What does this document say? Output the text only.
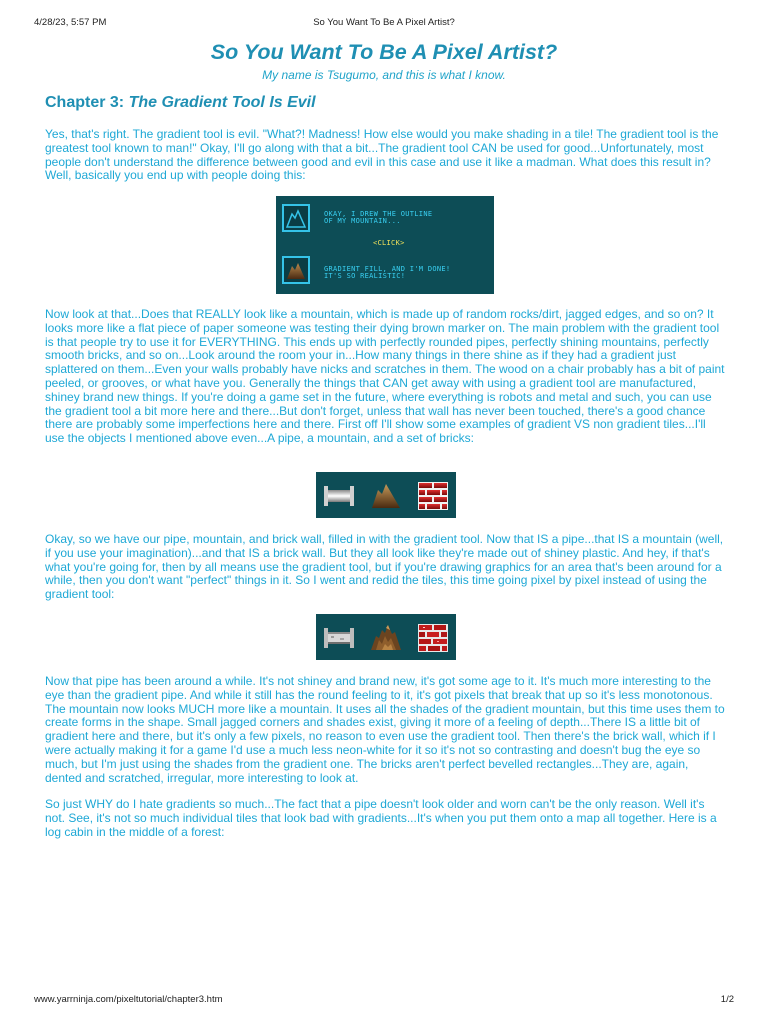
4/28/23, 5:57 PM	So You Want To Be A Pixel Artist?
So You Want To Be A Pixel Artist?

My name is Tsugumo, and this is what I know.

Chapter 3: The Gradient Tool Is Evil

Yes, that's right. The gradient tool is evil. "What?! Madness! How else would you make shading in a tile! The gradient tool is the greatest tool known to man!" Okay, I'll go along with that a bit...The gradient tool CAN be used for good...Unfortunately, most people don't understand the difference between good and evil in this case and use it like a madman. What does this result in? Well, basically you end up with people doing this:

OKAY, I DREW THE OUTLINE
OF MY MOUNTAIN...
<CLICK>
GRADIENT FILL, AND I'M DONE!
IT'S SO REALISTIC!

Now look at that...Does that REALLY look like a mountain, which is made up of random rocks/dirt, jagged edges, and so on? It looks more like a flat piece of paper someone was testing their dying brown marker on. The main problem with the gradient tool is that people try to use it for EVERYTHING. This ends up with perfectly rounded pipes, perfectly shining mountains, perfectly smooth bricks, and so on...Look around the room your in...How many things in there shine as if they had a gradient just splattered on them...Even your walls probably have nicks and scratches in them. The wood on a chair probably has a bit of paint peeled, or grooves, or what have you. Generally the things that CAN get away with using a gradient tool are manufactured, shiney brand new things. If you're doing a game set in the future, where everything is robots and metal and such, you can use the gradient tool a bit more here and there...But don't forget, unless that wall has never been touched, there's a good chance there are probably some imperfections here and there. First off I'll show some examples of gradient VS non gradient tiles...I'll use the objects I mentioned above even...A pipe, a mountain, and a set of bricks:

Okay, so we have our pipe, mountain, and brick wall, filled in with the gradient tool. Now that IS a pipe...that IS a mountain (well, if you use your imagination)...and that IS a brick wall. But they all look like they're made out of shiney plastic. And hey, if that's what you're going for, then by all means use the gradient tool, but if you're drawing graphics for an area that's been around for a while, then you don't want "perfect" things in it. So I went and redid the tiles, this time going pixel by pixel instead of using the gradient tool:

Now that pipe has been around a while. It's not shiney and brand new, it's got some age to it. It's much more interesting to the eye than the gradient pipe. And while it still has the round feeling to it, it's got pixels that break that up so it's less monotonous. The mountain now looks MUCH more like a mountain. It uses all the shades of the gradient mountain, but this time uses them to create forms in the shape. Small jagged corners and shades exist, giving it more of a feeling of depth...There IS a little bit of gradient here and there, but it's only a few pixels, no reason to even use the gradient tool. Then there's the brick wall, which if I were actually making it for a game I'd use a much less neon-white for it so it's not so contrasting and doesn't bug the eye so much, but I'm just using the shades from the gradient one. The bricks aren't perfect bevelled rectangles...They are, again, dented and scratched, irregular, more interesting to look at.

So just WHY do I hate gradients so much...The fact that a pipe doesn't look older and worn can't be the only reason. Well it's not. See, it's not so much individual tiles that look bad with gradients...It's when you put them onto a map all together. Here is a log cabin in the middle of a forest:

www.yarrninja.com/pixeltutorial/chapter3.htm	1/2
